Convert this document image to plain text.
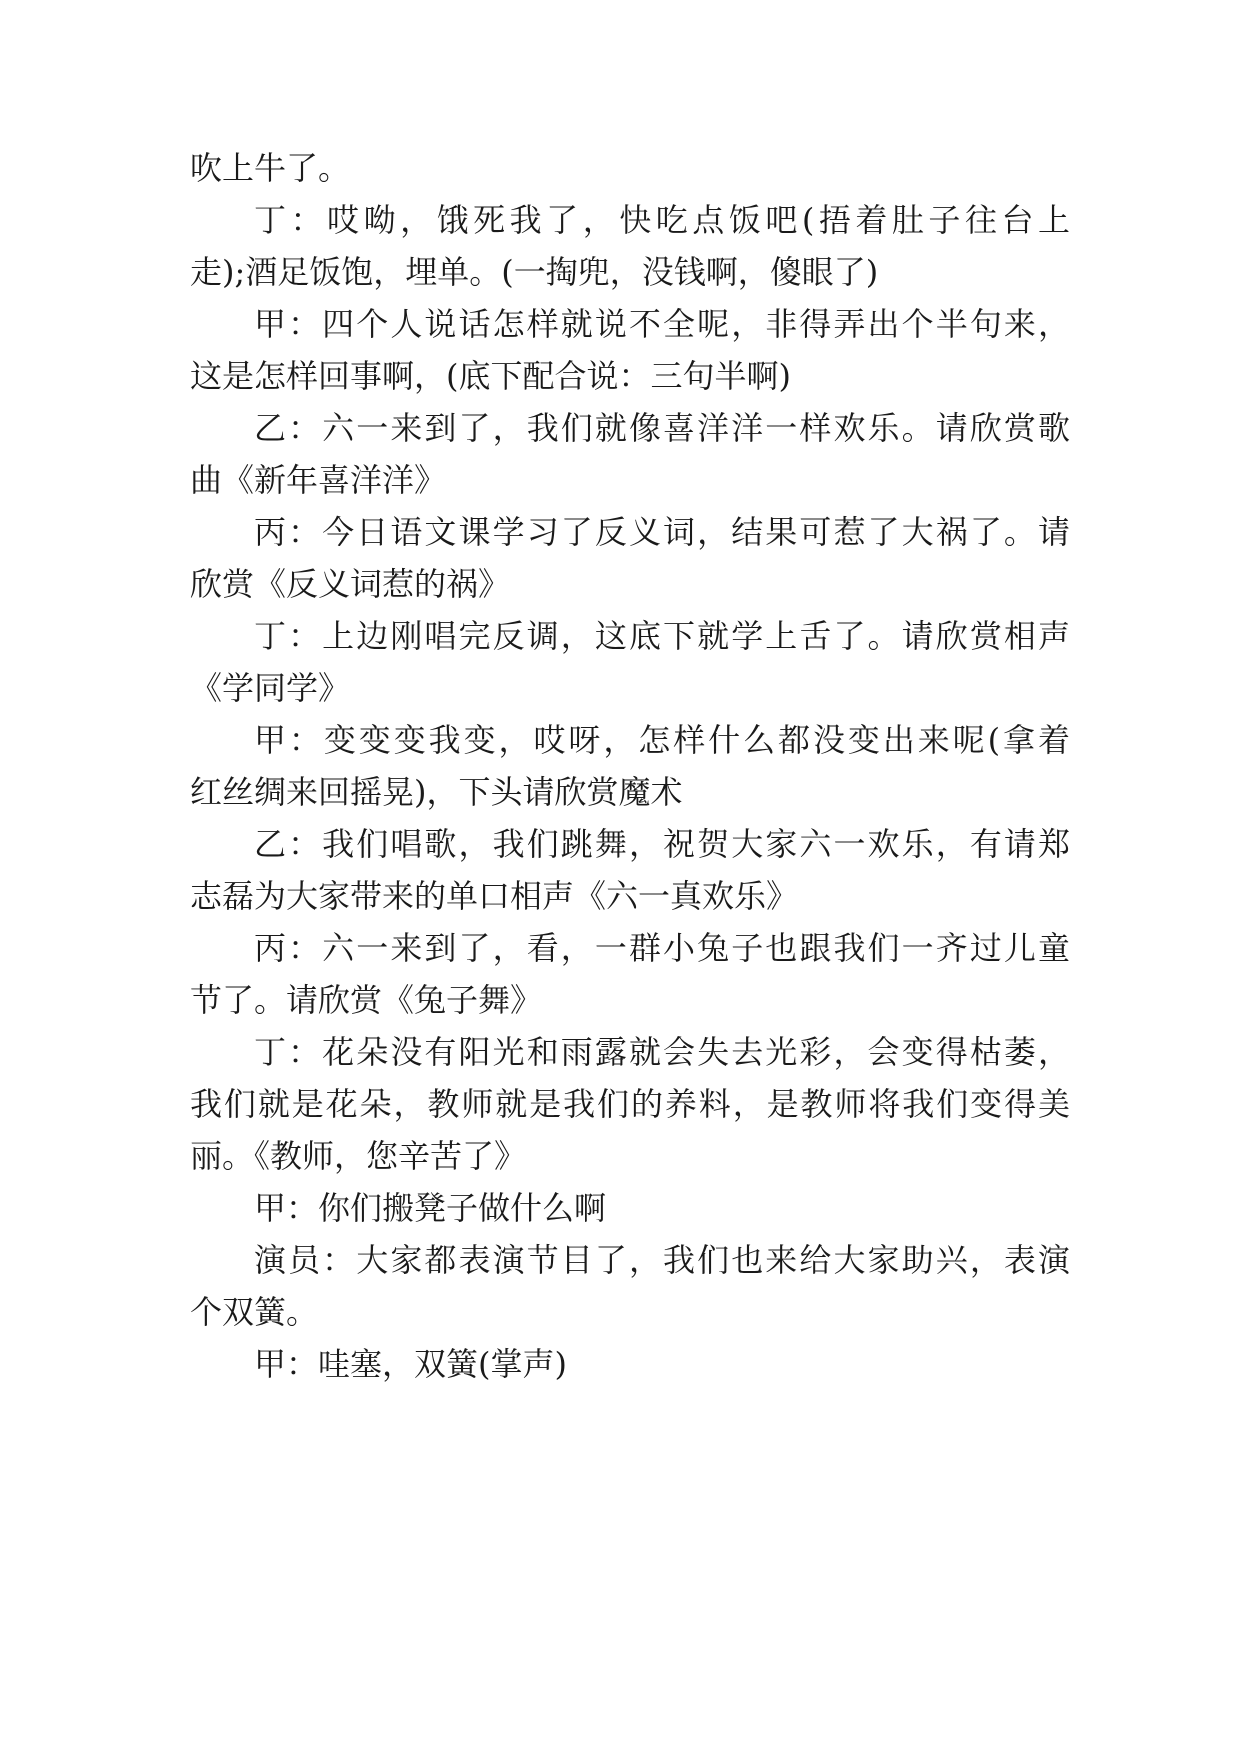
吹上牛了。
丁：哎呦，饿死我了，快吃点饭吧(捂着肚子往台上
走);酒足饭饱，埋单。(一掏兜，没钱啊，傻眼了)
甲：四个人说话怎样就说不全呢，非得弄出个半句来，
这是怎样回事啊，(底下配合说：三句半啊)
乙：六一来到了，我们就像喜洋洋一样欢乐。请欣赏歌
曲《新年喜洋洋》
丙：今日语文课学习了反义词，结果可惹了大祸了。请
欣赏《反义词惹的祸》
丁：上边刚唱完反调，这底下就学上舌了。请欣赏相声
《学同学》
甲：变变变我变，哎呀，怎样什么都没变出来呢(拿着
红丝绸来回摇晃)，下头请欣赏魔术
乙：我们唱歌，我们跳舞，祝贺大家六一欢乐，有请郑
志磊为大家带来的单口相声《六一真欢乐》
丙：六一来到了，看，一群小兔子也跟我们一齐过儿童
节了。请欣赏《兔子舞》
丁：花朵没有阳光和雨露就会失去光彩，会变得枯萎，
我们就是花朵，教师就是我们的养料，是教师将我们变得美
丽。《教师，您辛苦了》
甲：你们搬凳子做什么啊
演员：大家都表演节目了，我们也来给大家助兴，表演
个双簧。
甲：哇塞，双簧(掌声)
